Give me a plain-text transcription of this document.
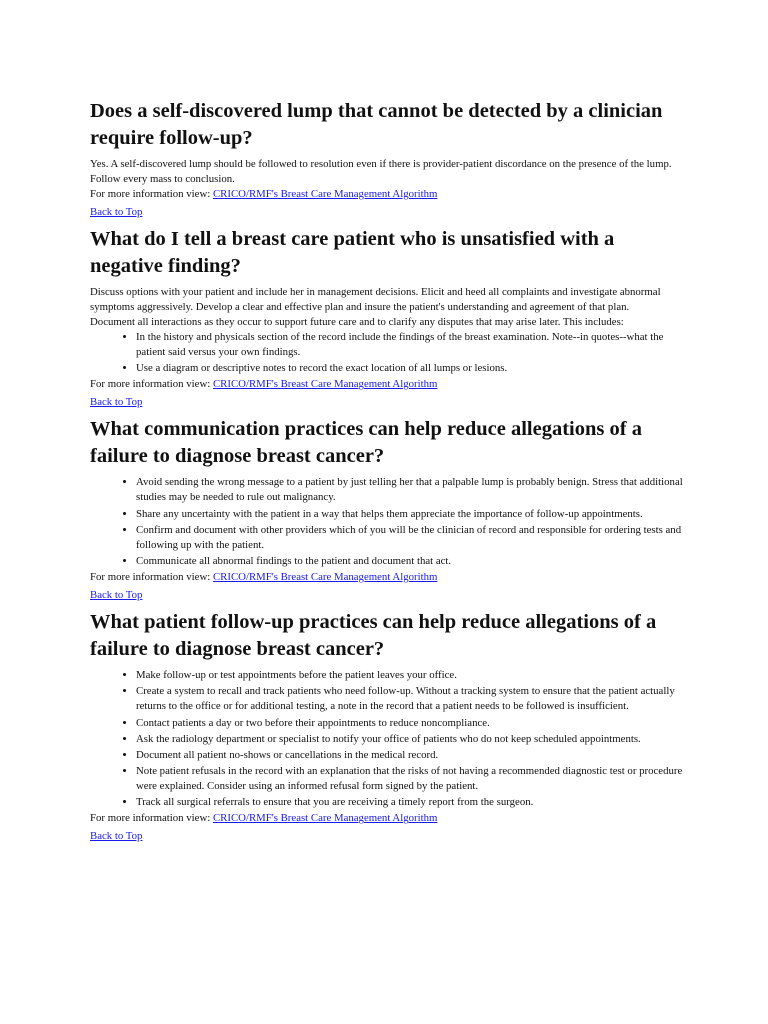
Does a self-discovered lump that cannot be detected by a clinician require follow-up?

Yes. A self-discovered lump should be followed to resolution even if there is provider-patient discordance on the presence of the lump. Follow every mass to conclusion.

For more information view: CRICO/RMF's Breast Care Management Algorithm

Back to Top
What do I tell a breast care patient who is unsatisfied with a negative finding?

Discuss options with your patient and include her in management decisions. Elicit and heed all complaints and investigate abnormal symptoms aggressively. Develop a clear and effective plan and insure the patient's understanding and agreement of that plan.

Document all interactions as they occur to support future care and to clarify any disputes that may arise later. This includes:

• In the history and physicals section of the record include the findings of the breast examination. Note--in quotes--what the patient said versus your own findings.
• Use a diagram or descriptive notes to record the exact location of all lumps or lesions.

For more information view: CRICO/RMF's Breast Care Management Algorithm

Back to Top
What communication practices can help reduce allegations of a failure to diagnose breast cancer?
• Avoid sending the wrong message to a patient by just telling her that a palpable lump is probably benign. Stress that additional studies may be needed to rule out malignancy.
• Share any uncertainty with the patient in a way that helps them appreciate the importance of follow-up appointments.
• Confirm and document with other providers which of you will be the clinician of record and responsible for ordering tests and following up with the patient.
• Communicate all abnormal findings to the patient and document that act.

For more information view: CRICO/RMF's Breast Care Management Algorithm

Back to Top
What patient follow-up practices can help reduce allegations of a failure to diagnose breast cancer?
• Make follow-up or test appointments before the patient leaves your office.
• Create a system to recall and track patients who need follow-up. Without a tracking system to ensure that the patient actually returns to the office or for additional testing, a note in the record that a patient needs to be followed is insufficient.
• Contact patients a day or two before their appointments to reduce noncompliance.
• Ask the radiology department or specialist to notify your office of patients who do not keep scheduled appointments.
• Document all patient no-shows or cancellations in the medical record.
• Note patient refusals in the record with an explanation that the risks of not having a recommended diagnostic test or procedure were explained. Consider using an informed refusal form signed by the patient.
• Track all surgical referrals to ensure that you are receiving a timely report from the surgeon.

For more information view: CRICO/RMF's Breast Care Management Algorithm

Back to Top
